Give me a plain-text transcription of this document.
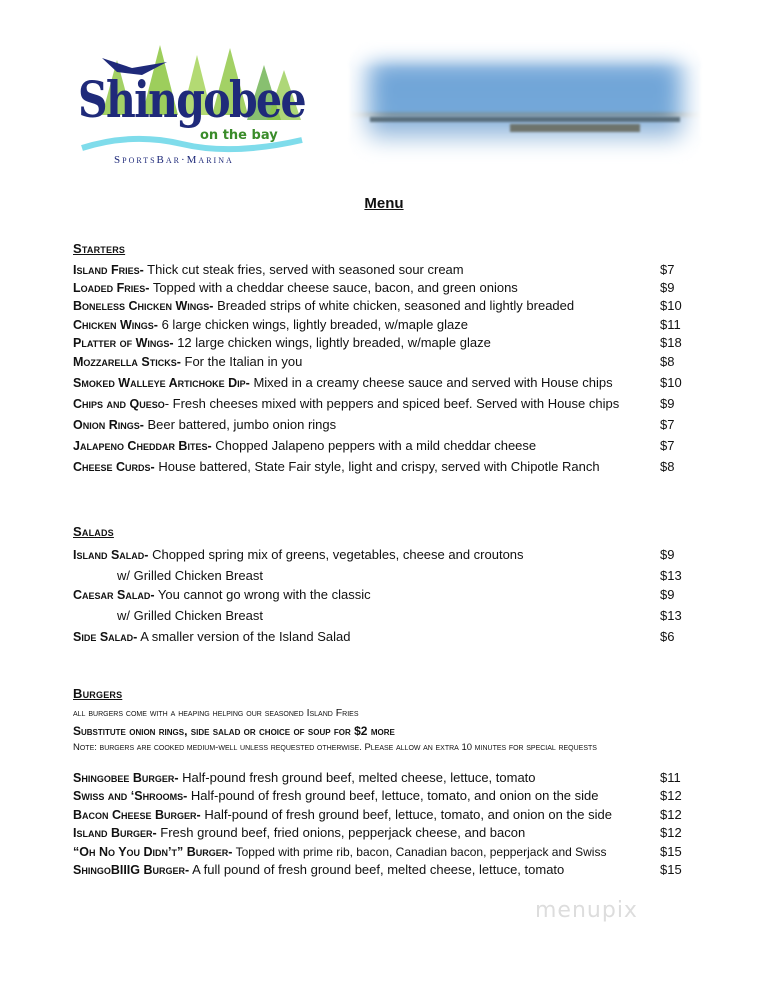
Shingobee
on the bay
SportsBar·Marina
Menu
Starters
Island Fries- Thick cut steak fries, served with seasoned sour cream	$7
Loaded Fries- Topped with a cheddar cheese sauce, bacon, and green onions	$9
Boneless Chicken Wings- Breaded strips of white chicken, seasoned and lightly breaded	$10
Chicken Wings- 6 large chicken wings, lightly breaded, w/maple glaze	$11
Platter of Wings- 12 large chicken wings, lightly breaded, w/maple glaze	$18
Mozzarella Sticks- For the Italian in you	$8
Smoked Walleye Artichoke Dip- Mixed in a creamy cheese sauce and served with House chips	$10
Chips and Queso- Fresh cheeses mixed with peppers and spiced beef. Served with House chips	$9
Onion Rings- Beer battered, jumbo onion rings	$7
Jalapeno Cheddar Bites- Chopped Jalapeno peppers with a mild cheddar cheese	$7
Cheese Curds- House battered, State Fair style, light and crispy, served with Chipotle Ranch	$8
Salads
Island Salad- Chopped spring mix of greens, vegetables, cheese and croutons	$9
w/ Grilled Chicken Breast	$13
Caesar Salad- You cannot go wrong with the classic	$9
w/ Grilled Chicken Breast	$13
Side Salad- A smaller version of the Island Salad	$6
Burgers
all burgers come with a heaping helping our seasoned Island Fries
Substitute onion rings, side salad or choice of soup for $2 more
Note: burgers are cooked medium-well unless requested otherwise. Please allow an extra 10 minutes for special requests
Shingobee Burger- Half-pound fresh ground beef, melted cheese, lettuce, tomato	$11
Swiss and ‘Shrooms- Half-pound of fresh ground beef, lettuce, tomato, and onion on the side	$12
Bacon Cheese Burger- Half-pound of fresh ground beef, lettuce, tomato, and onion on the side	$12
Island Burger- Fresh ground beef, fried onions, pepperjack cheese, and bacon	$12
“Oh No You Didn’t” Burger- Topped with prime rib, bacon, Canadian bacon, pepperjack and Swiss	$15
ShingoBIIIG Burger- A full pound of fresh ground beef, melted cheese, lettuce, tomato	$15
menupix
